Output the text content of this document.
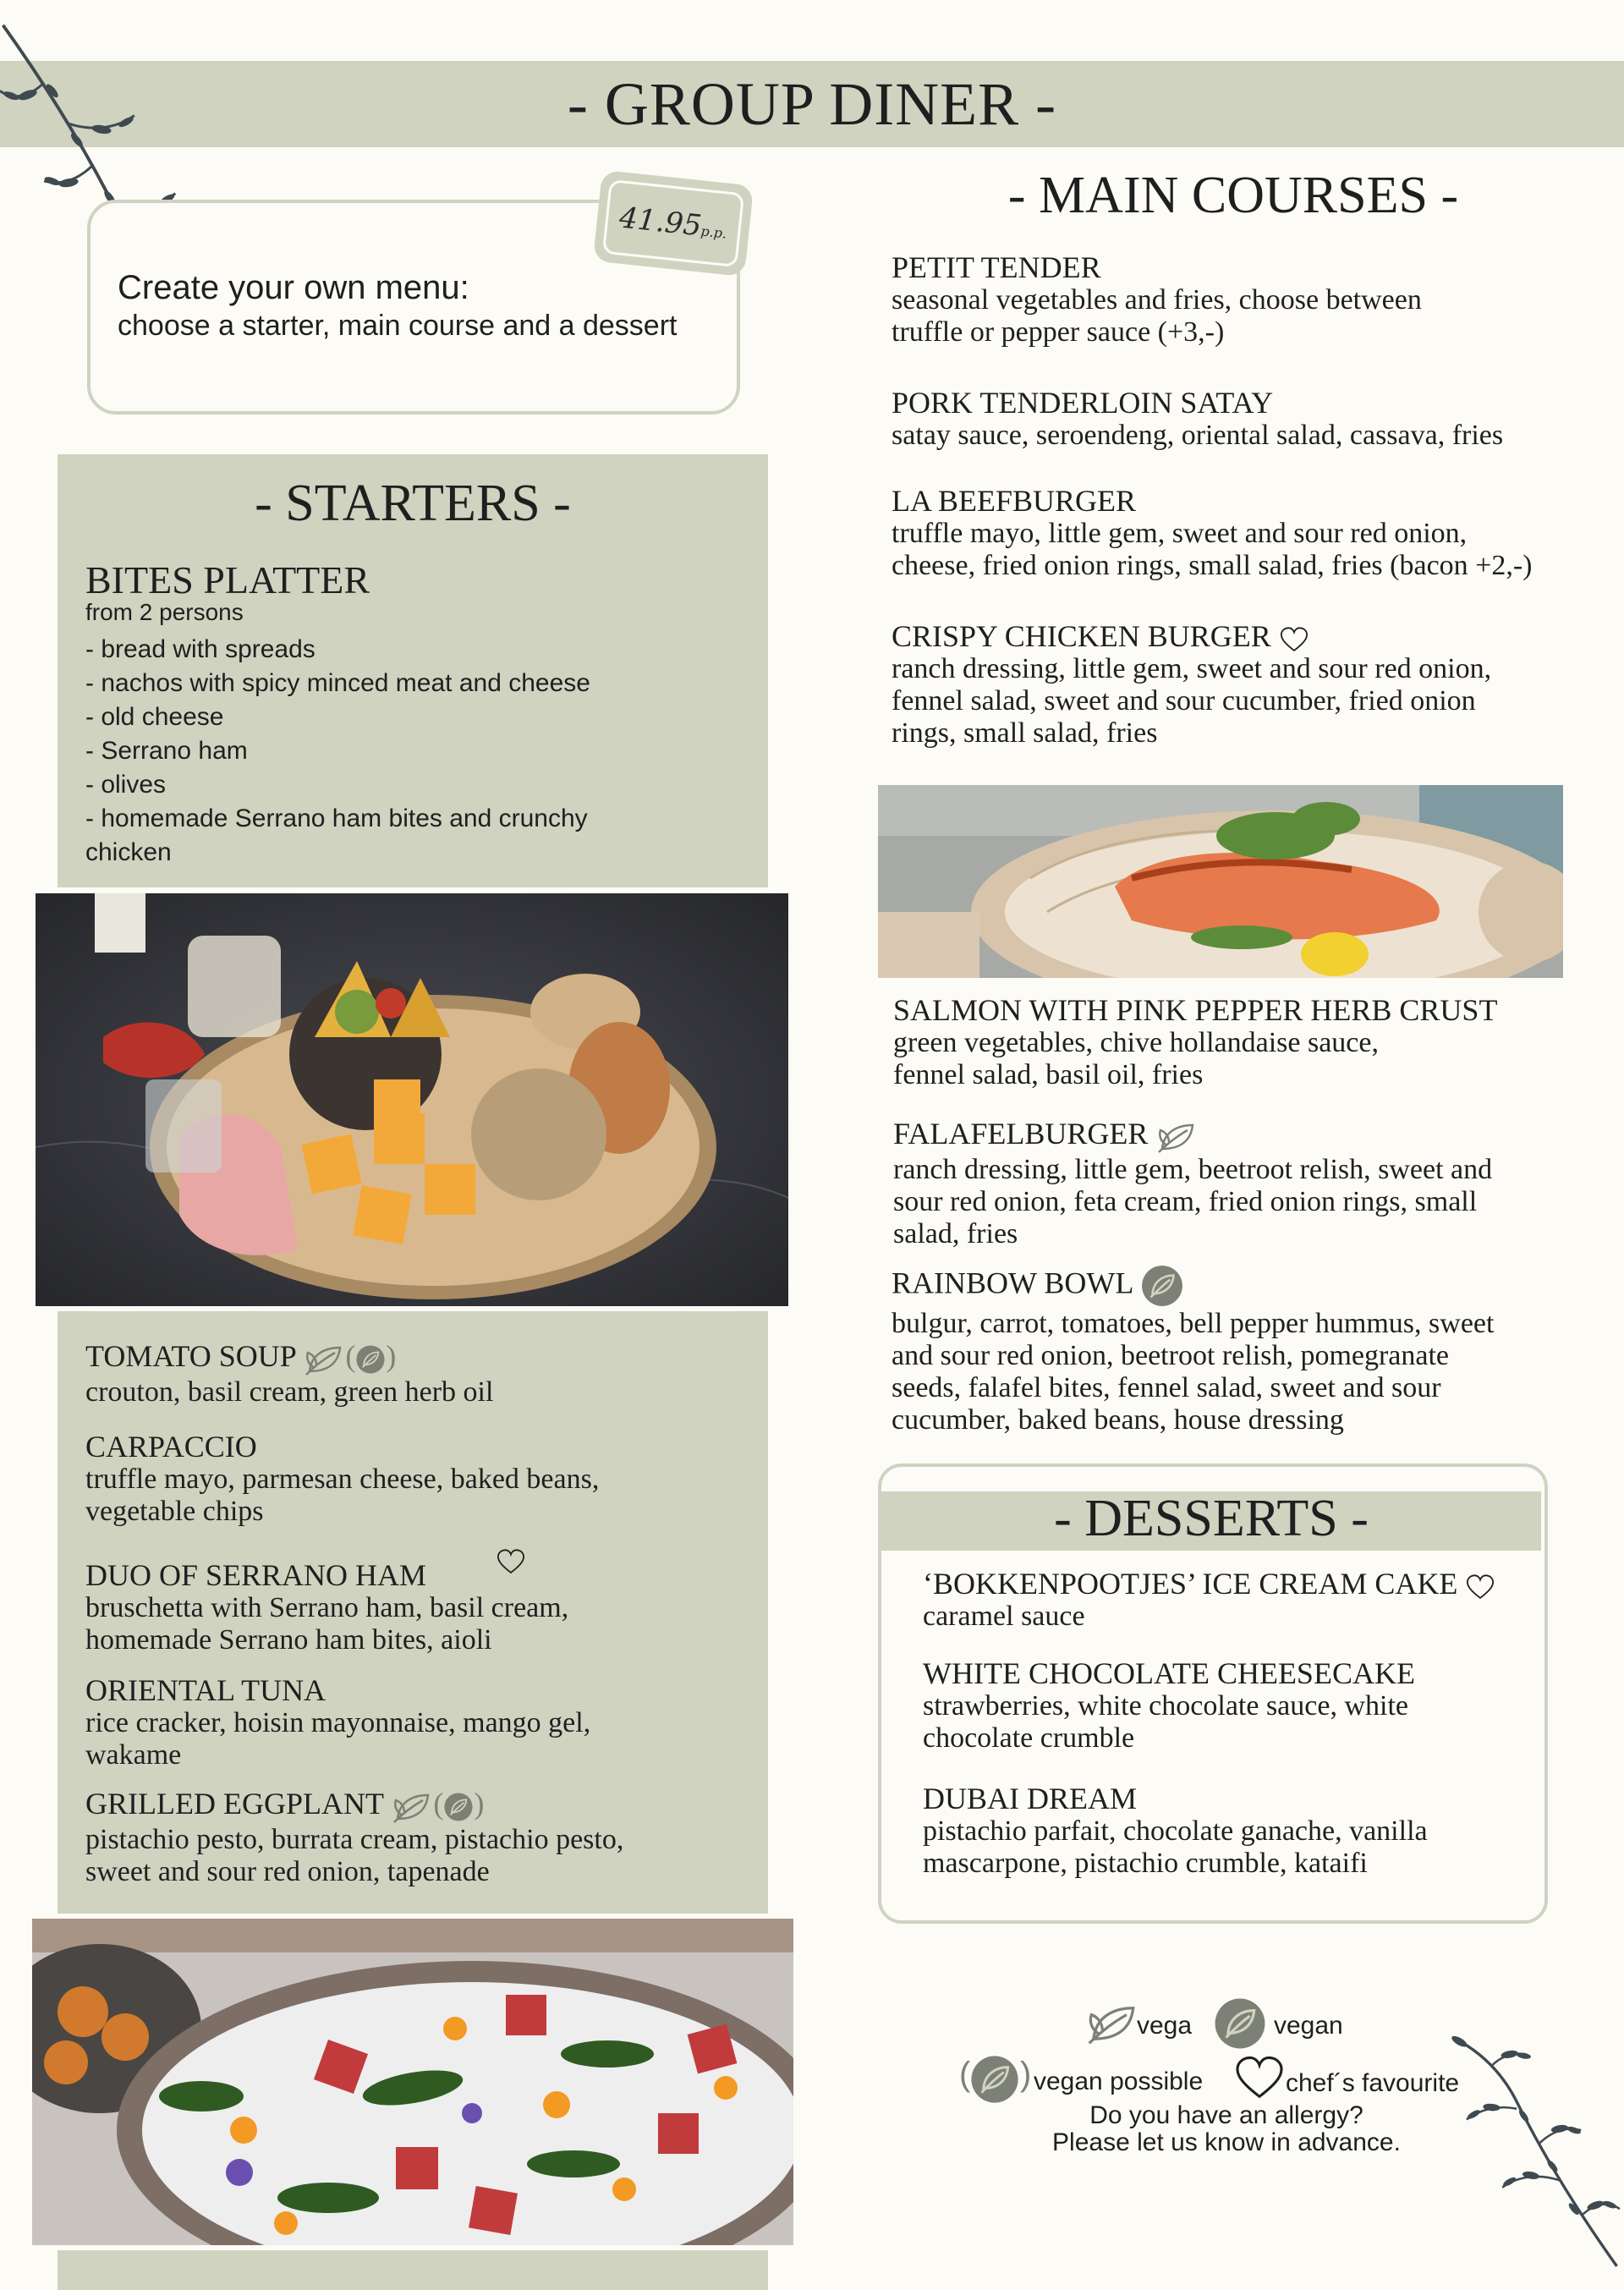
- GROUP DINER -
Create your own menu:
choose a starter, main course and a dessert
41.95p.p.
- STARTERS -
BITES PLATTER
from 2 persons
- bread with spreads
- nachos with spicy minced meat and cheese
- old cheese
- Serrano ham
- olives
- homemade Serrano ham bites and crunchy
chicken
TOMATO SOUP ( )
crouton, basil cream, green herb oil
CARPACCIO
truffle mayo, parmesan cheese, baked beans,
vegetable chips
DUO OF SERRANO HAM
bruschetta with Serrano ham, basil cream,
homemade Serrano ham bites, aioli
ORIENTAL TUNA
rice cracker, hoisin mayonnaise, mango gel,
wakame
GRILLED EGGPLANT ( )
pistachio pesto, burrata cream, pistachio pesto,
sweet and sour red onion, tapenade
- MAIN COURSES -
PETIT TENDER
seasonal vegetables and fries, choose between
truffle or pepper sauce (+3,-)
PORK TENDERLOIN SATAY
satay sauce, seroendeng, oriental salad, cassava, fries
LA BEEFBURGER
truffle mayo, little gem, sweet and sour red onion,
cheese, fried onion rings, small salad, fries (bacon +2,-)
CRISPY CHICKEN BURGER
ranch dressing, little gem, sweet and sour red onion,
fennel salad, sweet and sour cucumber, fried onion
rings, small salad, fries
SALMON WITH PINK PEPPER HERB CRUST
green vegetables, chive hollandaise sauce,
fennel salad, basil oil, fries
FALAFELBURGER
ranch dressing, little gem, beetroot relish, sweet and
sour red onion, feta cream, fried onion rings, small
salad, fries
RAINBOW BOWL
bulgur, carrot, tomatoes, bell pepper hummus, sweet
and sour red onion, beetroot relish, pomegranate
seeds, falafel bites, fennel salad, sweet and sour
cucumber, baked beans, house dressing
- DESSERTS -
‘BOKKENPOOTJES’ ICE CREAM CAKE
caramel sauce
WHITE CHOCOLATE CHEESECAKE
strawberries, white chocolate sauce, white
chocolate crumble
DUBAI DREAM
pistachio parfait, chocolate ganache, vanilla
mascarpone, pistachio crumble, kataifi
vega	vegan
( ) vegan possible	chef´s favourite
Do you have an allergy?
Please let us know in advance.
